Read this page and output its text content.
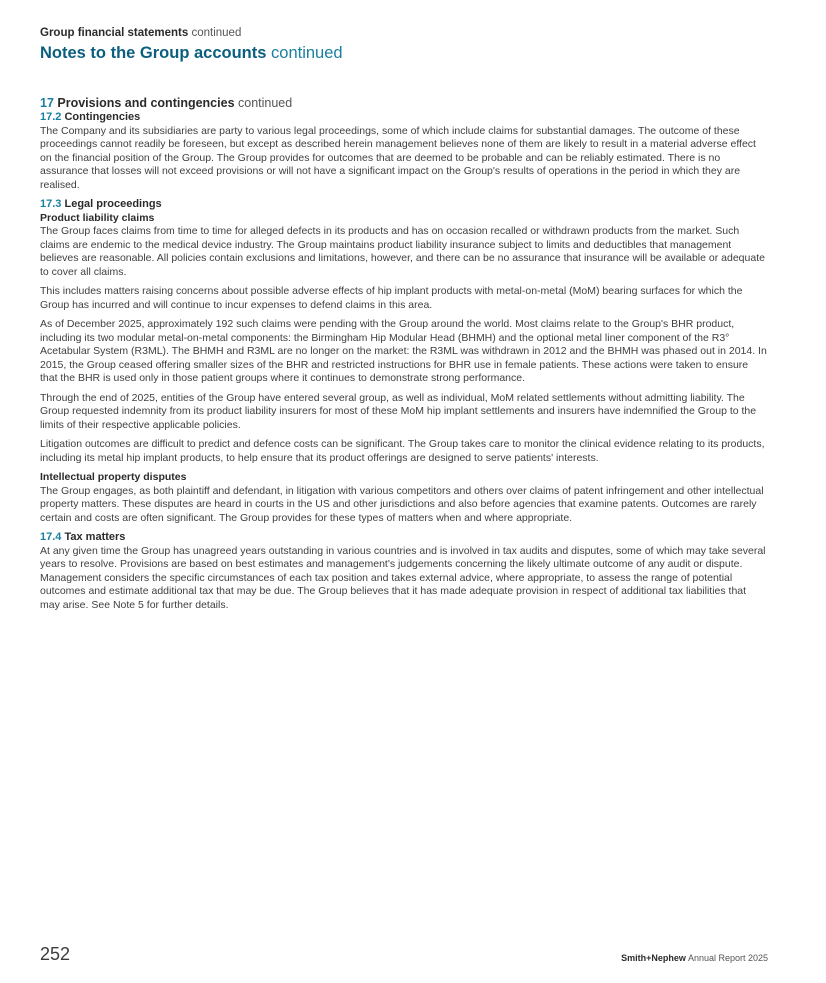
Group financial statements continued
Notes to the Group accounts continued
17 Provisions and contingencies continued
17.2 Contingencies

The Company and its subsidiaries are party to various legal proceedings, some of which include claims for substantial damages. The outcome of these proceedings cannot readily be foreseen, but except as described herein management believes none of them are likely to result in a material adverse effect on the financial position of the Group. The Group provides for outcomes that are deemed to be probable and can be reliably estimated. There is no assurance that losses will not exceed provisions or will not have a significant impact on the Group's results of operations in the period in which they are realised.

17.3 Legal proceedings

Product liability claims

The Group faces claims from time to time for alleged defects in its products and has on occasion recalled or withdrawn products from the market. Such claims are endemic to the medical device industry. The Group maintains product liability insurance subject to limits and deductibles that management believes are reasonable. All policies contain exclusions and limitations, however, and there can be no assurance that insurance will be available or adequate to cover all claims.

This includes matters raising concerns about possible adverse effects of hip implant products with metal-on-metal (MoM) bearing surfaces for which the Group has incurred and will continue to incur expenses to defend claims in this area.

As of December 2025, approximately 192 such claims were pending with the Group around the world. Most claims relate to the Group's BHR product, including its two modular metal-on-metal components: the Birmingham Hip Modular Head (BHMH) and the optional metal liner component of the R3° Acetabular System (R3ML). The BHMH and R3ML are no longer on the market: the R3ML was withdrawn in 2012 and the BHMH was phased out in 2014. In 2015, the Group ceased offering smaller sizes of the BHR and restricted instructions for BHR use in female patients. These actions were taken to ensure that the BHR is used only in those patient groups where it continues to demonstrate strong performance.

Through the end of 2025, entities of the Group have entered several group, as well as individual, MoM related settlements without admitting liability. The Group requested indemnity from its product liability insurers for most of these MoM hip implant settlements and insurers have indemnified the Group to the limits of their respective applicable policies.

Litigation outcomes are difficult to predict and defence costs can be significant. The Group takes care to monitor the clinical evidence relating to its products, including its metal hip implant products, to help ensure that its product offerings are designed to serve patients' interests.

Intellectual property disputes

The Group engages, as both plaintiff and defendant, in litigation with various competitors and others over claims of patent infringement and other intellectual property matters. These disputes are heard in courts in the US and other jurisdictions and also before agencies that examine patents. Outcomes are rarely certain and costs are often significant. The Group provides for these types of matters when and where appropriate.

17.4 Tax matters

At any given time the Group has unagreed years outstanding in various countries and is involved in tax audits and disputes, some of which may take several years to resolve. Provisions are based on best estimates and management's judgements concerning the likely ultimate outcome of any audit or dispute. Management considers the specific circumstances of each tax position and takes external advice, where appropriate, to assess the range of potential outcomes and estimate additional tax that may be due. The Group believes that it has made adequate provision in respect of additional tax liabilities that may arise. See Note 5 for further details.

252	Smith+Nephew Annual Report 2025
